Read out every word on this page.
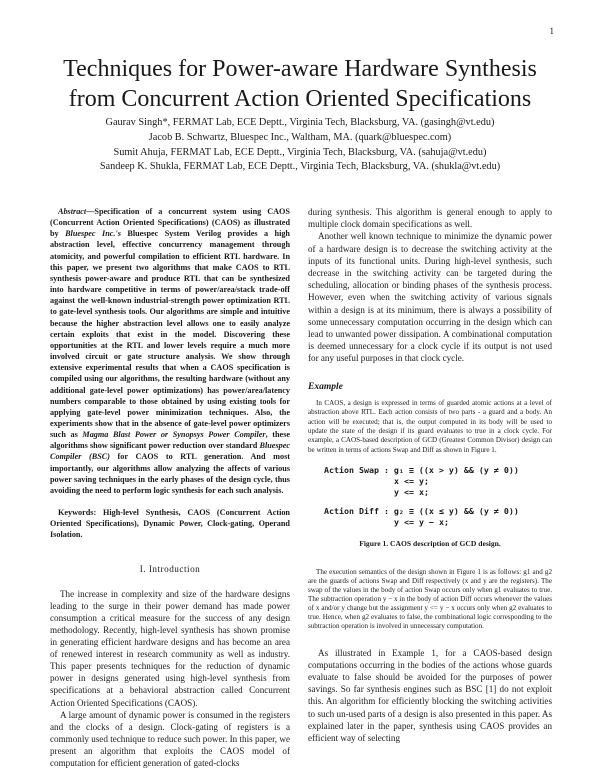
1
Techniques for Power-aware Hardware Synthesis
from Concurrent Action Oriented Specifications
Gaurav Singh*, FERMAT Lab, ECE Deptt., Virginia Tech, Blacksburg, VA. (gasingh@vt.edu)
Jacob B. Schwartz, Bluespec Inc., Waltham, MA. (quark@bluespec.com)
Sumit Ahuja, FERMAT Lab, ECE Deptt., Virginia Tech, Blacksburg, VA. (sahuja@vt.edu)
Sandeep K. Shukla, FERMAT Lab, ECE Deptt., Virginia Tech, Blacksburg, VA. (shukla@vt.edu)

Abstract—Specification of a concurrent system using CAOS (Concurrent Action Oriented Specifications) (CAOS) as illustrated by Bluespec Inc.'s Bluespec System Verilog provides a high abstraction level, effective concurrency management through atomicity, and powerful compilation to efficient RTL hardware. In this paper, we present two algorithms that make CAOS to RTL synthesis power-aware and produce RTL that can be synthesized into hardware competitive in terms of power/area/stack trade-off against the well-known industrial-strength power optimization RTL to gate-level synthesis tools. Our algorithms are simple and intuitive because the higher abstraction level allows one to easily analyze certain exploits that exist in the model. Discovering these opportunities at the RTL and lower levels require a much more involved circuit or gate structure analysis. We show through extensive experimental results that when a CAOS specification is compiled using our algorithms, the resulting hardware (without any additional gate-level power optimizations) has power/area/latency numbers comparable to those obtained by using existing tools for applying gate-level power minimization techniques. Also, the experiments show that in the absence of gate-level power optimizers such as Magma Blast Power or Synopsys Power Compiler, these algorithms show significant power reduction over standard Bluespec Compiler (BSC) for CAOS to RTL generation. And most importantly, our algorithms allow analyzing the affects of various power saving techniques in the early phases of the design cycle, thus avoiding the need to perform logic synthesis for each such analysis.

Keywords: High-level Synthesis, CAOS (Concurrent Action Oriented Specifications), Dynamic Power, Clock-gating, Operand Isolation.

I. Introduction

The increase in complexity and size of the hardware designs leading to the surge in their power demand has made power consumption a critical measure for the success of any design methodology. Recently, high-level synthesis has shown promise in generating efficient hardware designs and has become an area of renewed interest in research community as well as industry. This paper presents techniques for the reduction of dynamic power in designs generated using high-level synthesis from specifications at a behavioral abstraction called Concurrent Action Oriented Specifications (CAOS).

A large amount of dynamic power is consumed in the registers and the clocks of a design. Clock-gating of registers is a commonly used technique to reduce such power. In this paper, we present an algorithm that exploits the CAOS model of computation for efficient generation of gated-clocks

during synthesis. This algorithm is general enough to apply to multiple clock domain specifications as well.

Another well known technique to minimize the dynamic power of a hardware design is to decrease the switching activity at the inputs of its functional units. During high-level synthesis, such decrease in the switching activity can be targeted during the scheduling, allocation or binding phases of the synthesis process. However, even when the switching activity of various signals within a design is at its minimum, there is always a possibility of some unnecessary computation occurring in the design which can lead to unwanted power dissipation. A combinational computation is deemed unnecessary for a clock cycle if its output is not used for any useful purposes in that clock cycle.

Example

In CAOS, a design is expressed in terms of guarded atomic actions at a level of abstraction above RTL. Each action consists of two parts - a guard and a body. An action will be executed; that is, the output computed in its body will be used to update the state of the design if its guard evaluates to true in a clock cycle. For example, a CAOS-based description of GCD (Greatest Common Divisor) design can be written in terms of actions Swap and Diff as shown in Figure 1.

Action Swap : g₁ ≡ ((x > y) && (y ≠ 0))
x <= y;
y <= x;
Action Diff : g₂ ≡ ((x ≤ y) && (y ≠ 0))
y <= y − x;
Figure 1. CAOS description of GCD design.

The execution semantics of the design shown in Figure 1 is as follows: g1 and g2 are the guards of actions Swap and Diff respectively (x and y are the registers). The swap of the values in the body of action Swap occurs only when g1 evaluates to true. The subtraction operation y − x in the body of action Diff occurs whenever the values of x and/or y change but the assignment y <= y − x occurs only when g2 evaluates to true. Hence, when g2 evaluates to false, the combinational logic corresponding to the subtraction operation is involved in unnecessary computation.

As illustrated in Example 1, for a CAOS-based design computations occurring in the bodies of the actions whose guards evaluate to false should be avoided for the purposes of power savings. So far synthesis engines such as BSC [1] do not exploit this. An algorithm for efficiently blocking the switching activities to such un-used parts of a design is also presented in this paper. As explained later in the paper, synthesis using CAOS provides an efficient way of selecting
